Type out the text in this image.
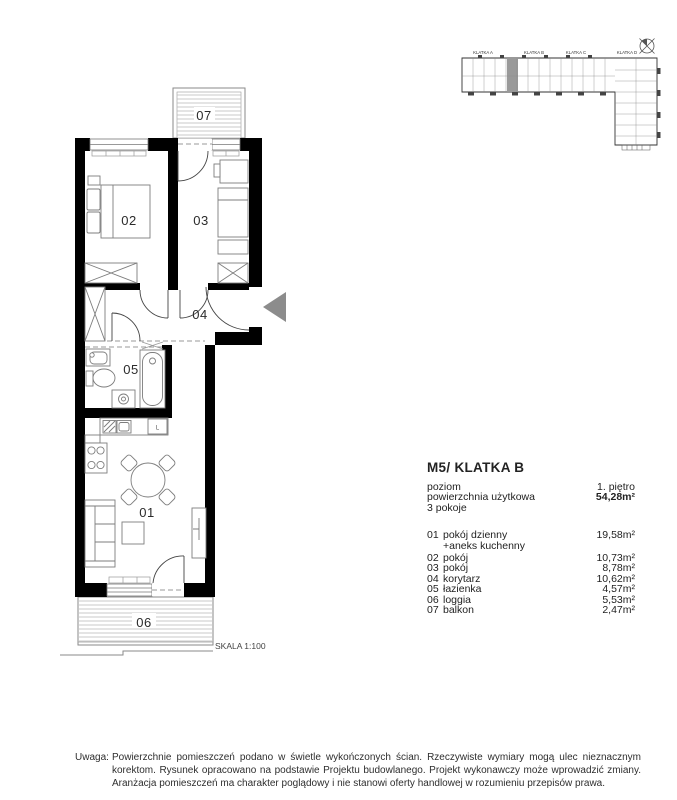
KLATKA A	KLATKA B	KLATKA C	KLATKA D
L
07
02	03
04
05
01
06
SKALA 1:100
M5/ KLATKA B
poziom	1. piętro
powierzchnia użytkowa	54,28m²
3 pokoje
01 pokój dzienny	19,58m²
+aneks kuchenny
02 pokój	10,73m²
03 pokój	8,78m²
04 korytarz	10,62m²
05 łazienka	4,57m²
06 loggia	5,53m²
07 balkon	2,47m²
Uwaga: Powierzchnie pomieszczeń podano w świetle wykończonych ścian. Rzeczywiste wymiary mogą ulec nieznacznym korektom. Rysunek opracowano na podstawie Projektu budowlanego. Projekt wykonawczy może wprowadzić zmiany. Aranżacja pomieszczeń ma charakter poglądowy i nie stanowi oferty handlowej w rozumieniu przepisów prawa.
